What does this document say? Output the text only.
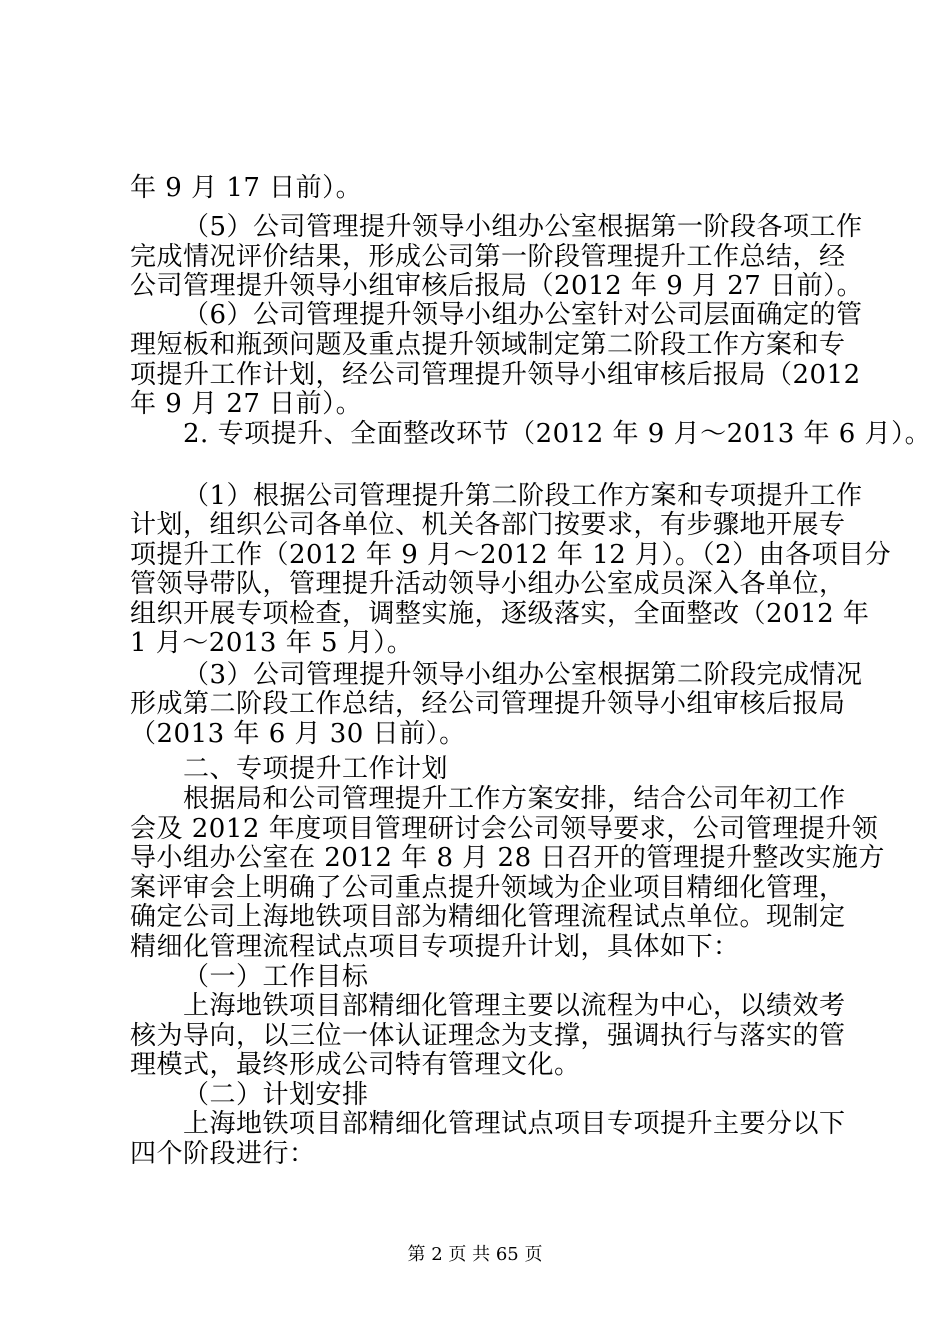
年 9 月 17 日前）。
（5）公司管理提升领导小组办公室根据第一阶段各项工作
完成情况评价结果，形成公司第一阶段管理提升工作总结，经
公司管理提升领导小组审核后报局（2012 年 9 月 27 日前）。
（6）公司管理提升领导小组办公室针对公司层面确定的管
理短板和瓶颈问题及重点提升领域制定第二阶段工作方案和专
项提升工作计划，经公司管理提升领导小组审核后报局（2012
年 9 月 27 日前）。
2. 专项提升、全面整改环节（2012 年 9 月～2013 年 6 月）。
（1）根据公司管理提升第二阶段工作方案和专项提升工作
计划，组织公司各单位、机关各部门按要求，有步骤地开展专
项提升工作（2012 年 9 月～2012 年 12 月）。（2）由各项目分
管领导带队，管理提升活动领导小组办公室成员深入各单位，
组织开展专项检查，调整实施，逐级落实，全面整改（2012 年
1 月～2013 年 5 月）。
（3）公司管理提升领导小组办公室根据第二阶段完成情况
形成第二阶段工作总结，经公司管理提升领导小组审核后报局
（2013 年 6 月 30 日前）。
二、专项提升工作计划
根据局和公司管理提升工作方案安排，结合公司年初工作
会及 2012 年度项目管理研讨会公司领导要求，公司管理提升领
导小组办公室在 2012 年 8 月 28 日召开的管理提升整改实施方
案评审会上明确了公司重点提升领域为企业项目精细化管理，
确定公司上海地铁项目部为精细化管理流程试点单位。现制定
精细化管理流程试点项目专项提升计划，具体如下：
（一）工作目标
上海地铁项目部精细化管理主要以流程为中心，以绩效考
核为导向，以三位一体认证理念为支撑，强调执行与落实的管
理模式，最终形成公司特有管理文化。
（二）计划安排
上海地铁项目部精细化管理试点项目专项提升主要分以下
四个阶段进行：
第 2 页 共 65 页
